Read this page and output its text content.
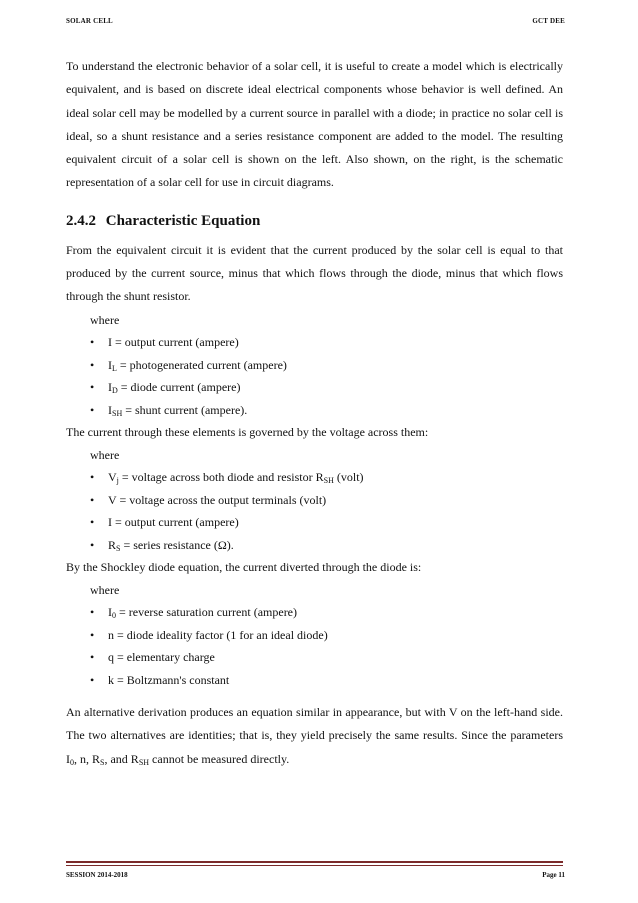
SOLAR CELL	GCT DEE

To understand the electronic behavior of a solar cell, it is useful to create a model which is electrically equivalent, and is based on discrete ideal electrical components whose behavior is well defined. An ideal solar cell may be modelled by a current source in parallel with a diode; in practice no solar cell is ideal, so a shunt resistance and a series resistance component are added to the model. The resulting equivalent circuit of a solar cell is shown on the left. Also shown, on the right, is the schematic representation of a solar cell for use in circuit diagrams.

2.4.2 Characteristic Equation

From the equivalent circuit it is evident that the current produced by the solar cell is equal to that produced by the current source, minus that which flows through the diode, minus that which flows through the shunt resistor.

where
• I = output current (ampere)
• $I_L$ = photogenerated current (ampere)
• $I_D$ = diode current (ampere)
• $I_{SH}$ = shunt current (ampere).

The current through these elements is governed by the voltage across them:

where
• $V_j$ = voltage across both diode and resistor $R_{SH}$ (volt)
• V = voltage across the output terminals (volt)
• I = output current (ampere)
• $R_S$ = series resistance (Ω).

By the Shockley diode equation, the current diverted through the diode is:

where
• $I_0$ = reverse saturation current (ampere)
• n = diode ideality factor (1 for an ideal diode)
• q = elementary charge
• k = Boltzmann's constant

An alternative derivation produces an equation similar in appearance, but with V on the left-hand side. The two alternatives are identities; that is, they yield precisely the same results. Since the parameters $I_0$, n, $R_S$, and $R_{SH}$ cannot be measured directly.

SESSION 2014-2018	Page 11
